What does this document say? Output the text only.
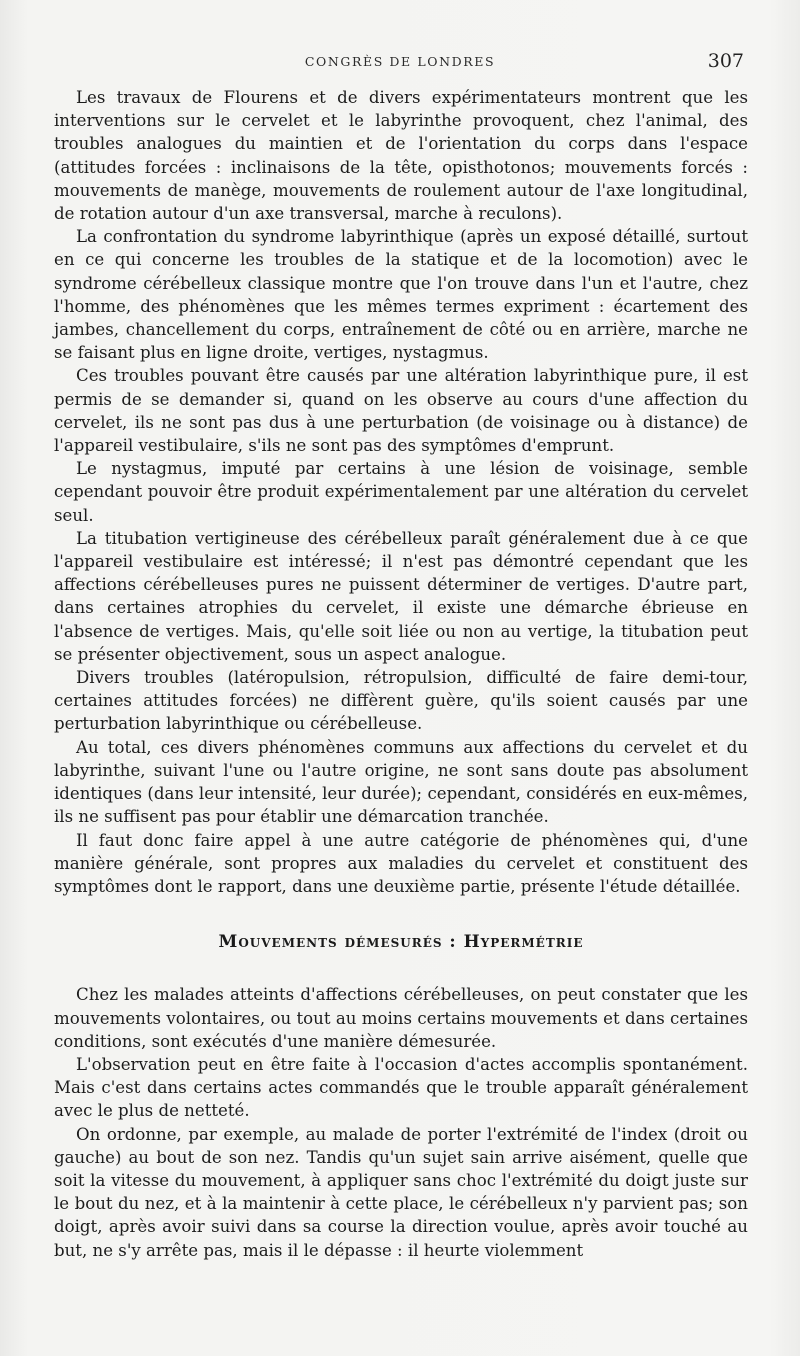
CONGRÈS DE LONDRES	307

Les travaux de Flourens et de divers expérimentateurs montrent que les interventions sur le cervelet et le labyrinthe provoquent, chez l'animal, des troubles analogues du maintien et de l'orientation du corps dans l'espace (attitudes forcées : inclinaisons de la tête, opisthotonos; mouvements forcés : mouvements de manège, mouvements de roulement autour de l'axe longitudinal, de rotation autour d'un axe transversal, marche à reculons).

La confrontation du syndrome labyrinthique (après un exposé détaillé, surtout en ce qui concerne les troubles de la statique et de la locomotion) avec le syndrome cérébelleux classique montre que l'on trouve dans l'un et l'autre, chez l'homme, des phénomènes que les mêmes termes expriment : écartement des jambes, chancellement du corps, entraînement de côté ou en arrière, marche ne se faisant plus en ligne droite, vertiges, nystagmus.

Ces troubles pouvant être causés par une altération labyrinthique pure, il est permis de se demander si, quand on les observe au cours d'une affection du cervelet, ils ne sont pas dus à une perturbation (de voisinage ou à distance) de l'appareil vestibulaire, s'ils ne sont pas des symptômes d'emprunt.

Le nystagmus, imputé par certains à une lésion de voisinage, semble cependant pouvoir être produit expérimentalement par une altération du cervelet seul.

La titubation vertigineuse des cérébelleux paraît généralement due à ce que l'appareil vestibulaire est intéressé; il n'est pas démontré cependant que les affections cérébelleuses pures ne puissent déterminer de vertiges. D'autre part, dans certaines atrophies du cervelet, il existe une démarche ébrieuse en l'absence de vertiges. Mais, qu'elle soit liée ou non au vertige, la titubation peut se présenter objectivement, sous un aspect analogue.

Divers troubles (latéropulsion, rétropulsion, difficulté de faire demi-tour, certaines attitudes forcées) ne diffèrent guère, qu'ils soient causés par une perturbation labyrinthique ou cérébelleuse.

Au total, ces divers phénomènes communs aux affections du cervelet et du labyrinthe, suivant l'une ou l'autre origine, ne sont sans doute pas absolument identiques (dans leur intensité, leur durée); cependant, considérés en eux-mêmes, ils ne suffisent pas pour établir une démarcation tranchée.

Il faut donc faire appel à une autre catégorie de phénomènes qui, d'une manière générale, sont propres aux maladies du cervelet et constituent des symptômes dont le rapport, dans une deuxième partie, présente l'étude détaillée.

Mouvements démesurés : Hypermétrie

Chez les malades atteints d'affections cérébelleuses, on peut constater que les mouvements volontaires, ou tout au moins certains mouvements et dans certaines conditions, sont exécutés d'une manière démesurée.

L'observation peut en être faite à l'occasion d'actes accomplis spontanément. Mais c'est dans certains actes commandés que le trouble apparaît généralement avec le plus de netteté.

On ordonne, par exemple, au malade de porter l'extrémité de l'index (droit ou gauche) au bout de son nez. Tandis qu'un sujet sain arrive aisément, quelle que soit la vitesse du mouvement, à appliquer sans choc l'extrémité du doigt juste sur le bout du nez, et à la maintenir à cette place, le cérébelleux n'y parvient pas; son doigt, après avoir suivi dans sa course la direction voulue, après avoir touché au but, ne s'y arrête pas, mais il le dépasse : il heurte violemment
